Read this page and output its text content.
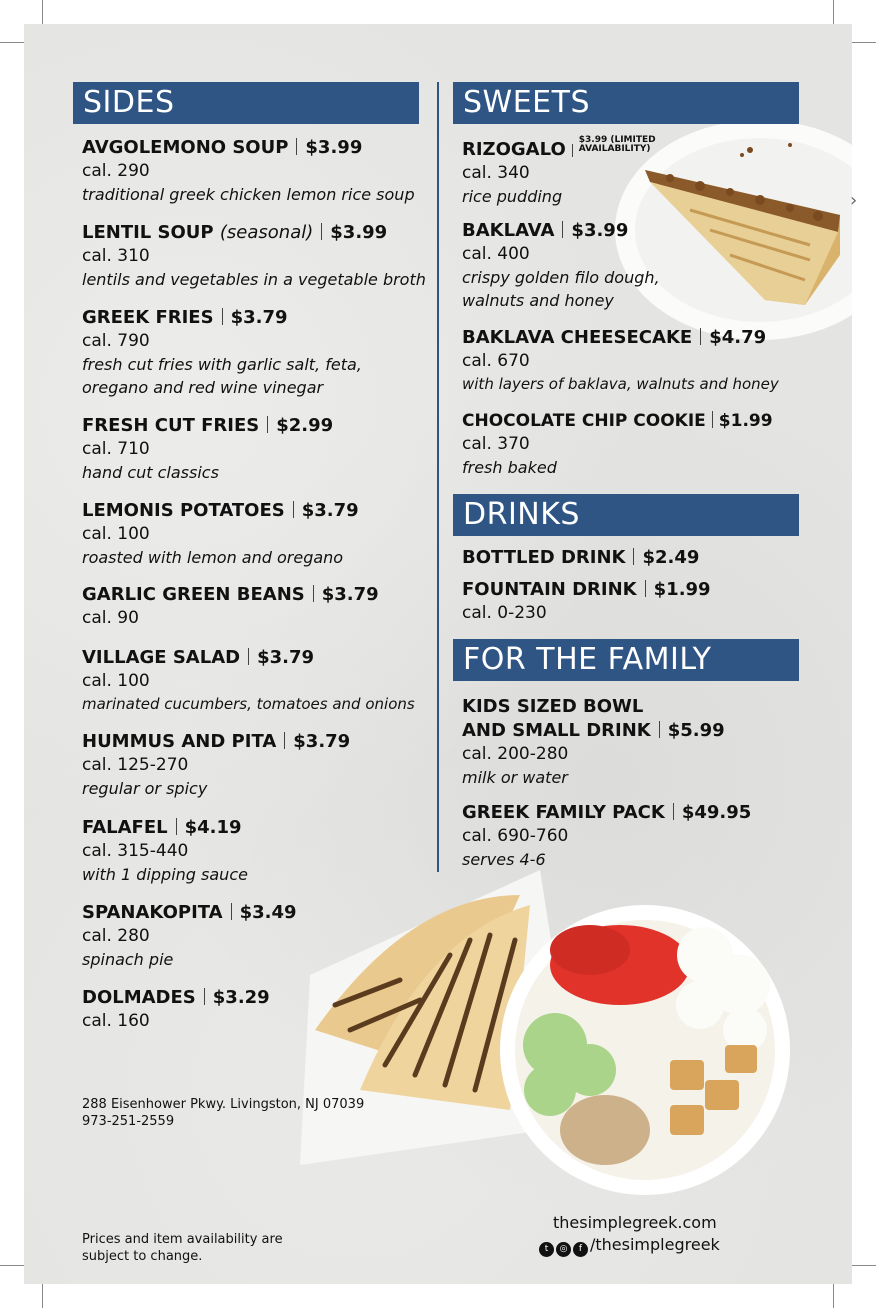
›
SIDES	SWEETS
DRINKS
FOR THE FAMILY
AVGOLEMONO SOUP $3.99
cal. 290
traditional greek chicken lemon rice soup
LENTIL SOUP (seasonal) $3.99
cal. 310
lentils and vegetables in a vegetable broth
GREEK FRIES $3.79
cal. 790
fresh cut fries with garlic salt, feta,
oregano and red wine vinegar
FRESH CUT FRIES $2.99
cal. 710
hand cut classics
LEMONIS POTATOES $3.79
cal. 100
roasted with lemon and oregano
GARLIC GREEN BEANS $3.79
cal. 90
VILLAGE SALAD $3.79
cal. 100
marinated cucumbers, tomatoes and onions
HUMMUS AND PITA $3.79
cal. 125-270
regular or spicy
FALAFEL $4.19
cal. 315-440
with 1 dipping sauce
SPANAKOPITA $3.49
cal. 280
spinach pie
DOLMADES $3.29
cal. 160
RIZOGALO $3.99 (LIMITED
AVAILABILITY)
cal. 340
rice pudding
BAKLAVA $3.99
cal. 400
crispy golden filo dough,
walnuts and honey
BAKLAVA CHEESECAKE $4.79
cal. 670
with layers of baklava, walnuts and honey
CHOCOLATE CHIP COOKIE $1.99
cal. 370
fresh baked
BOTTLED DRINK $2.49
FOUNTAIN DRINK $1.99
cal. 0-230
KIDS SIZED BOWL
AND SMALL DRINK $5.99
cal. 200-280
milk or water
GREEK FAMILY PACK $49.95
cal. 690-760
serves 4-6
288 Eisenhower Pkwy. Livingston, NJ 07039
973-251-2559
Prices and item availability are
subject to change.
thesimplegreek.com
t ◎ f /thesimplegreek
